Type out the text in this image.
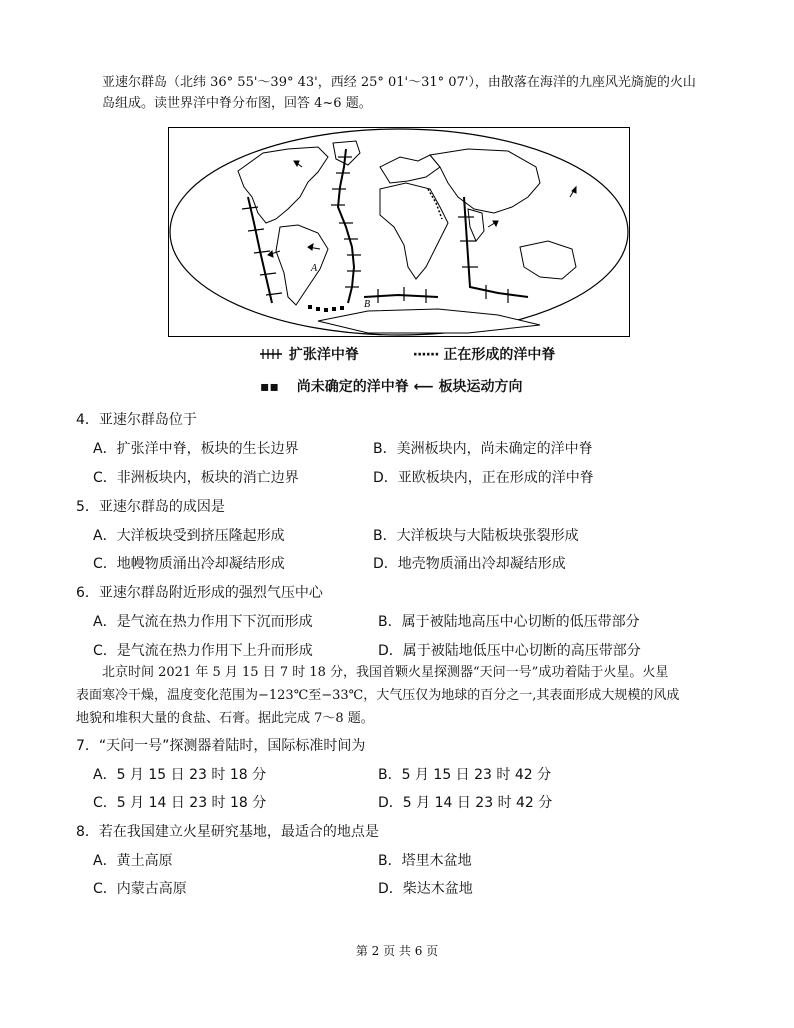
亚速尔群岛（北纬 36° 55'～39° 43'，西经 25° 01'～31° 07'），由散落在海洋的九座风光旖旎的火山
岛组成。读世界洋中脊分布图，回答 4~6 题。
A
B
扩张洋中脊	······ 正在形成的洋中脊
▪▪ 尚未确定的洋中脊 ⟵ 板块运动方向
4．亚速尔群岛位于
A．扩张洋中脊，板块的生长边界	B．美洲板块内，尚未确定的洋中脊
C．非洲板块内，板块的消亡边界	D．亚欧板块内，正在形成的洋中脊
5．亚速尔群岛的成因是
A．大洋板块受到挤压隆起形成	B．大洋板块与大陆板块张裂形成
C．地幔物质涌出冷却凝结形成	D．地壳物质涌出冷却凝结形成
6．亚速尔群岛附近形成的强烈气压中心
A．是气流在热力作用下下沉而形成	B．属于被陆地高压中心切断的低压带部分
C．是气流在热力作用下上升而形成	D．属于被陆地低压中心切断的高压带部分
北京时间 2021 年 5 月 15 日 7 时 18 分，我国首颗火星探测器“天问一号”成功着陆于火星。火星
表面寒冷干燥，温度变化范围为−123℃至−33℃，大气压仅为地球的百分之一,其表面形成大规模的风成
地貌和堆积大量的食盐、石膏。据此完成 7～8 题。
7．“天问一号”探测器着陆时，国际标准时间为
A．5 月 15 日 23 时 18 分	B．5 月 15 日 23 时 42 分
C．5 月 14 日 23 时 18 分	D．5 月 14 日 23 时 42 分
8．若在我国建立火星研究基地，最适合的地点是
A．黄土高原	B．塔里木盆地
C．内蒙古高原	D．柴达木盆地
第 2 页 共 6 页
